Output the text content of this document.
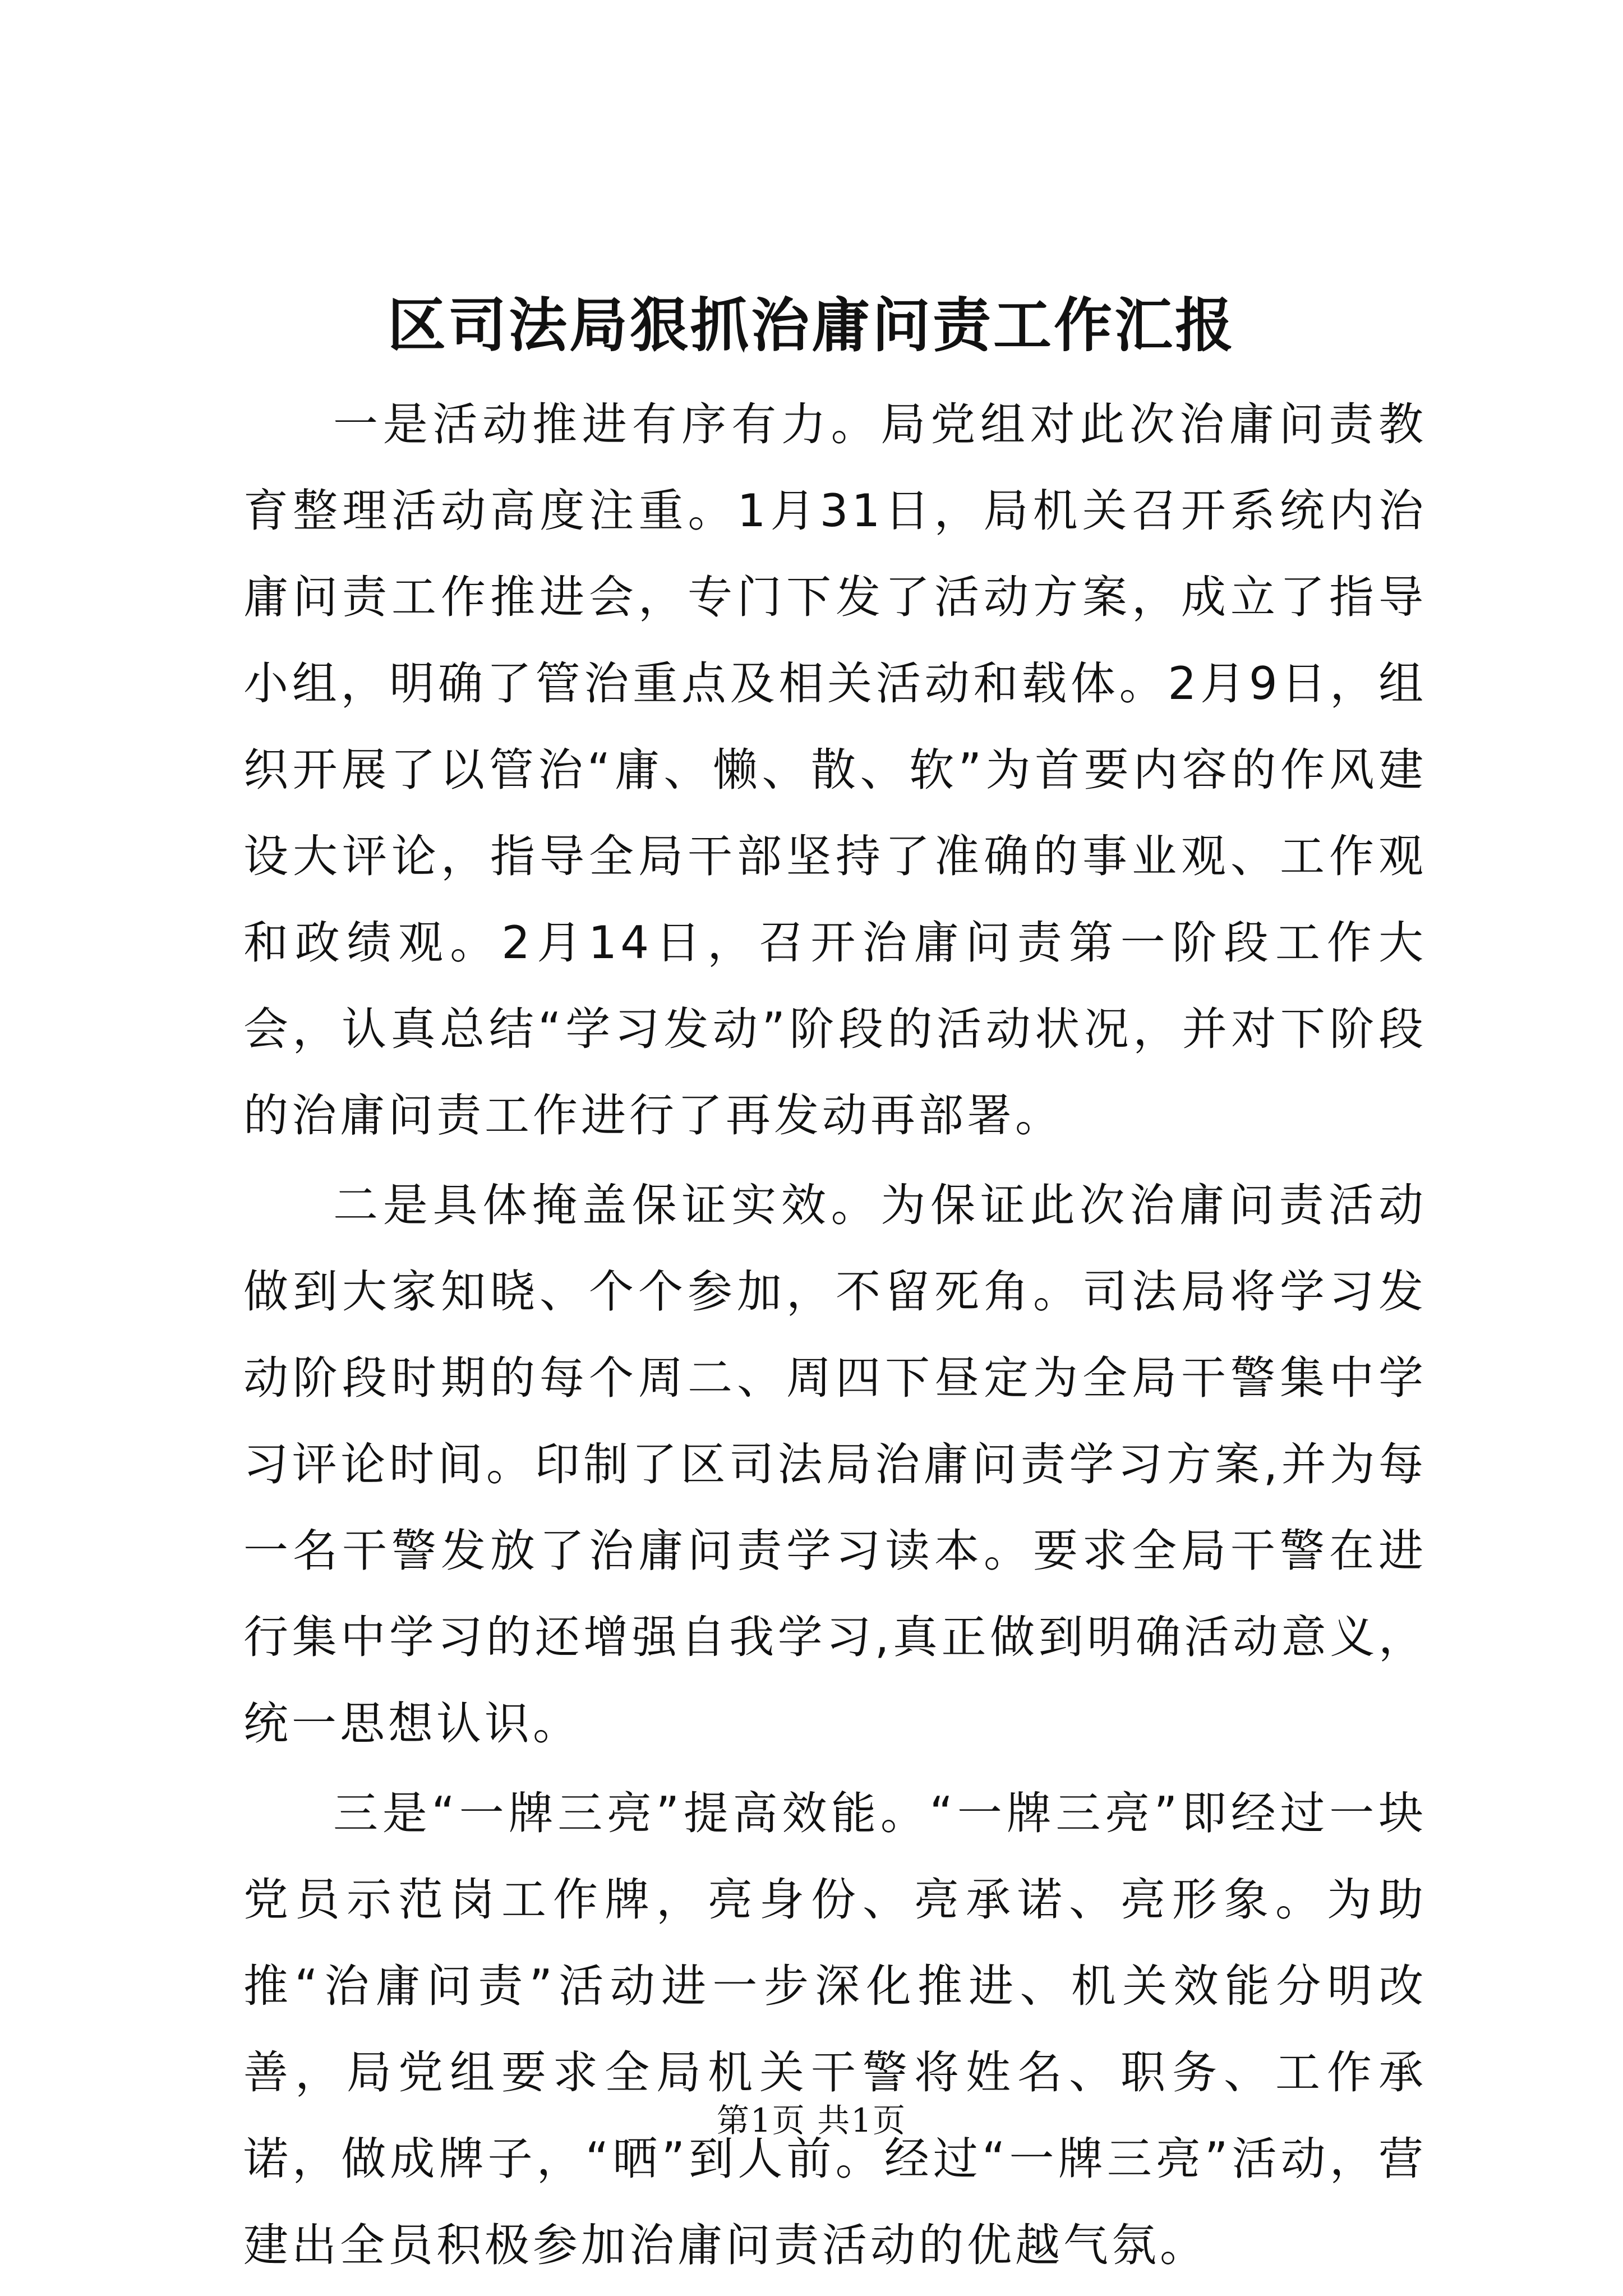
区司法局狠抓治庸问责工作汇报

一是活动推进有序有力。局党组对此次治庸问责教育整理活动高度注重。1月31日，局机关召开系统内治庸问责工作推进会，专门下发了活动方案，成立了指导小组，明确了管治重点及相关活动和载体。2月9日，组织开展了以管治“庸、懒、散、软”为首要内容的作风建设大评论，指导全局干部坚持了准确的事业观、工作观和政绩观。2月14日，召开治庸问责第一阶段工作大会，认真总结“学习发动”阶段的活动状况，并对下阶段的治庸问责工作进行了再发动再部署。

二是具体掩盖保证实效。为保证此次治庸问责活动做到大家知晓、个个参加，不留死角。司法局将学习发动阶段时期的每个周二、周四下昼定为全局干警集中学习评论时间。印制了区司法局治庸问责学习方案,并为每一名干警发放了治庸问责学习读本。要求全局干警在进行集中学习的还增强自我学习,真正做到明确活动意义，统一思想认识。

三是“一牌三亮”提高效能。“一牌三亮”即经过一块党员示范岗工作牌，亮身份、亮承诺、亮形象。为助推“治庸问责”活动进一步深化推进、机关效能分明改善，局党组要求全局机关干警将姓名、职务、工作承诺，做成牌子，“晒”到人前。经过“一牌三亮”活动，营建出全员积极参加治庸问责活动的优越气氛。

第1页 共1页
